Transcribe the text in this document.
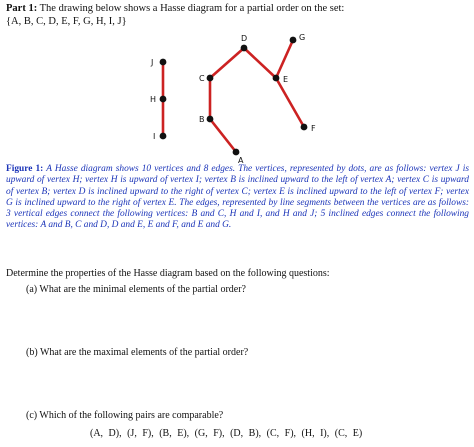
Part 1: The drawing below shows a Hasse diagram for a partial order on the set:
{A, B, C, D, E, F, G, H, I, J}
J
H
I
C
B
A
D	G
E
F
Figure 1: A Hasse diagram shows 10 vertices and 8 edges. The vertices, represented by dots, are as follows: vertex J is upward of vertex H; vertex H is upward of vertex I; vertex B is inclined upward to the left of vertex A; vertex C is upward of vertex B; vertex D is inclined upward to the right of vertex C; vertex E is inclined upward to the left of vertex F; vertex G is inclined upward to the right of vertex E. The edges, represented by line segments between the vertices are as follows: 3 vertical edges connect the following vertices: B and C, H and I, and H and J; 5 inclined edges connect the following vertices: A and B, C and D, D and E, E and F, and E and G.
Determine the properties of the Hasse diagram based on the following questions:
(a) What are the minimal elements of the partial order?
(b) What are the maximal elements of the partial order?
(c) Which of the following pairs are comparable?
(A, D), (J, F), (B, E), (G, F), (D, B), (C, F), (H, I), (C, E)
